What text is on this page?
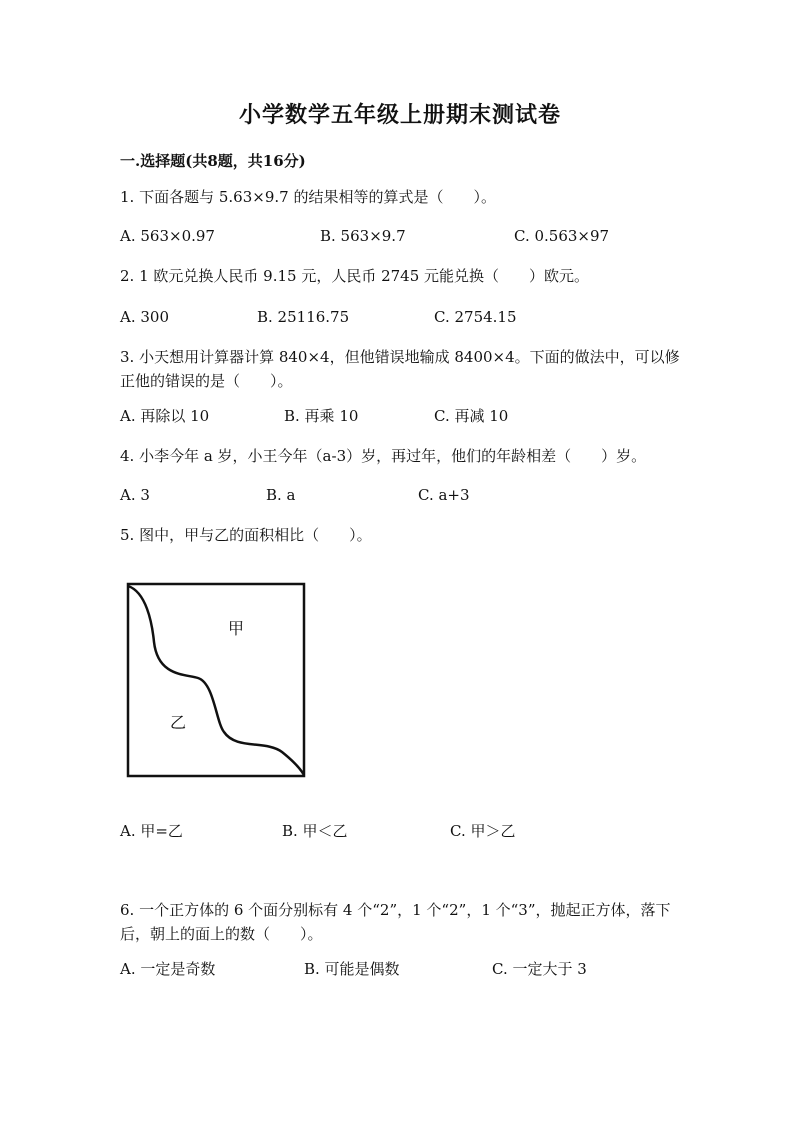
小学数学五年级上册期末测试卷
一.选择题(共8题，共16分)
1. 下面各题与 5.63×9.7 的结果相等的算式是（　　）。
A. 563×0.97	B. 563×9.7	C. 0.563×97
2. 1 欧元兑换人民币 9.15 元，人民币 2745 元能兑换（　　）欧元。
A. 300	B. 25116.75	C. 2754.15
3. 小天想用计算器计算 840×4，但他错误地输成 8400×4。下面的做法中，可以修正他的错误的是（　　）。
A. 再除以 10	B. 再乘 10	C. 再减 10
4. 小李今年 a 岁，小王今年（a-3）岁，再过年，他们的年龄相差（　　）岁。
A. 3	B. a	C. a+3
5. 图中，甲与乙的面积相比（　　）。
甲
乙
A. 甲=乙	B. 甲＜乙	C. 甲＞乙
6. 一个正方体的 6 个面分别标有 4 个“2”，1 个“2”，1 个“3”，抛起正方体，落下后，朝上的面上的数（　　）。
A. 一定是奇数	B. 可能是偶数	C. 一定大于 3
